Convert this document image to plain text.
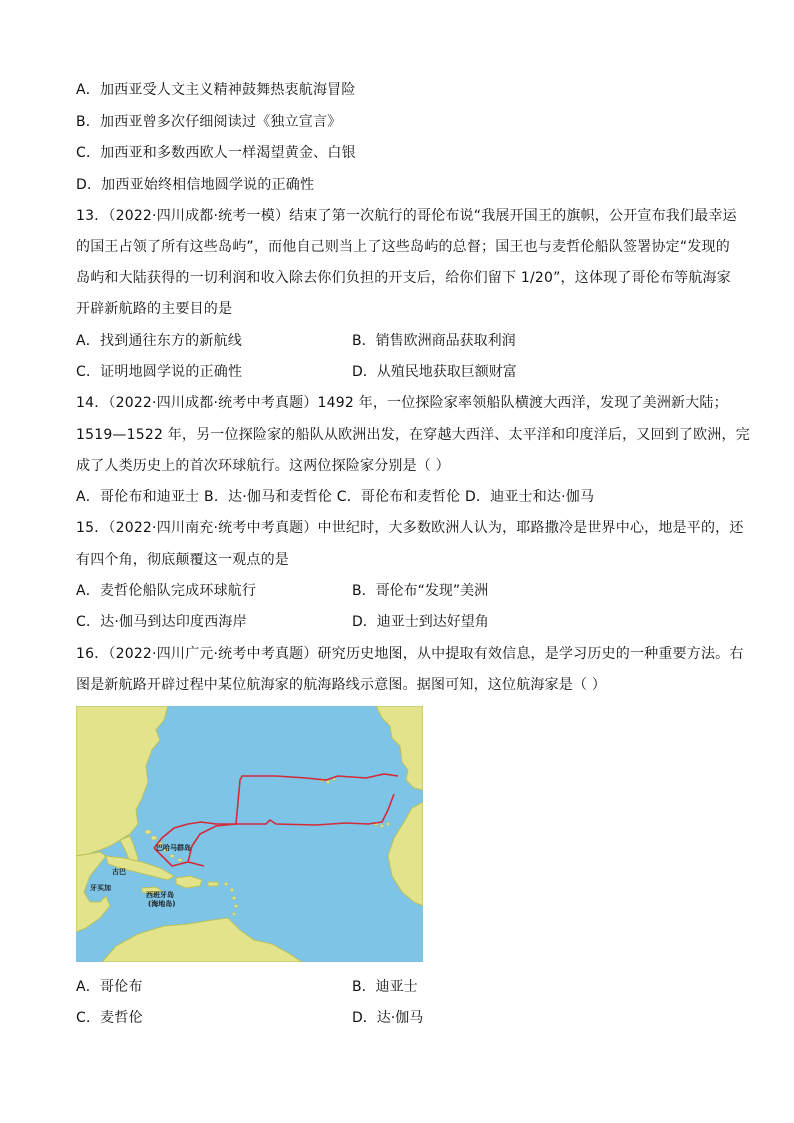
A．加西亚受人文主义精神鼓舞热衷航海冒险
B．加西亚曾多次仔细阅读过《独立宣言》
C．加西亚和多数西欧人一样渴望黄金、白银
D．加西亚始终相信地圆学说的正确性
13．（2022·四川成都·统考一模）结束了第一次航行的哥伦布说“我展开国王的旗帜，公开宣布我们最幸运
的国王占领了所有这些岛屿”，而他自己则当上了这些岛屿的总督；国王也与麦哲伦船队签署协定“发现的
岛屿和大陆获得的一切利润和收入除去你们负担的开支后，给你们留下 1/20”，这体现了哥伦布等航海家
开辟新航路的主要目的是
A．找到通往东方的新航线	B．销售欧洲商品获取利润
C．证明地圆学说的正确性	D．从殖民地获取巨额财富
14．（2022·四川成都·统考中考真题）1492 年，一位探险家率领船队横渡大西洋，发现了美洲新大陆；
1519—1522 年，另一位探险家的船队从欧洲出发，在穿越大西洋、太平洋和印度洋后，又回到了欧洲，完
成了人类历史上的首次环球航行。这两位探险家分别是（ ）
A．哥伦布和迪亚士 B．达·伽马和麦哲伦 C．哥伦布和麦哲伦 D．迪亚士和达·伽马
15．（2022·四川南充·统考中考真题）中世纪时，大多数欧洲人认为，耶路撒冷是世界中心，地是平的，还
有四个角，彻底颠覆这一观点的是
A．麦哲伦船队完成环球航行	B．哥伦布“发现”美洲
C．达·伽马到达印度西海岸	D．迪亚士到达好望角
16．（2022·四川广元·统考中考真题）研究历史地图，从中提取有效信息，是学习历史的一种重要方法。右
图是新航路开辟过程中某位航海家的航海路线示意图。据图可知，这位航海家是（ ）
巴哈马群岛
古巴
牙买加
西班牙岛
(海地岛)
A．哥伦布	B．迪亚士
C．麦哲伦	D．达·伽马
